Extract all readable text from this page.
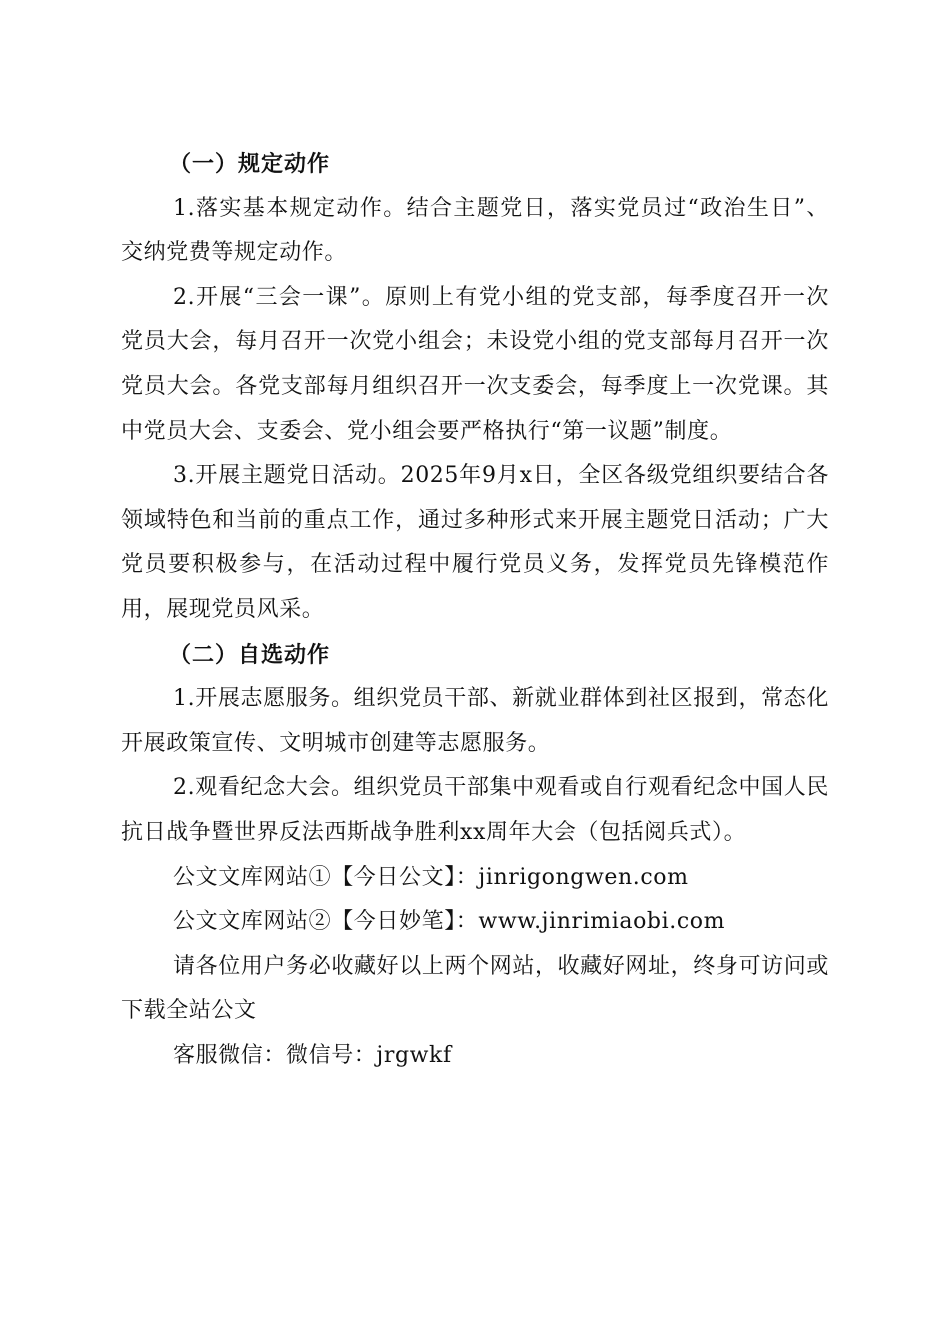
（一）规定动作

1.落实基本规定动作。结合主题党日，落实党员过“政治生日”、交纳党费等规定动作。

2.开展“三会一课”。原则上有党小组的党支部，每季度召开一次党员大会，每月召开一次党小组会；未设党小组的党支部每月召开一次党员大会。各党支部每月组织召开一次支委会，每季度上一次党课。其中党员大会、支委会、党小组会要严格执行“第一议题”制度。

3.开展主题党日活动。2025年9月x日，全区各级党组织要结合各领域特色和当前的重点工作，通过多种形式来开展主题党日活动；广大党员要积极参与，在活动过程中履行党员义务，发挥党员先锋模范作用，展现党员风采。

（二）自选动作

1.开展志愿服务。组织党员干部、新就业群体到社区报到，常态化开展政策宣传、文明城市创建等志愿服务。

2.观看纪念大会。组织党员干部集中观看或自行观看纪念中国人民抗日战争暨世界反法西斯战争胜利xx周年大会（包括阅兵式）。

公文文库网站①【今日公文】：jinrigongwen.com

公文文库网站②【今日妙笔】：www.jinrimiaobi.com

请各位用户务必收藏好以上两个网站，收藏好网址，终身可访问或下载全站公文

客服微信：微信号：jrgwkf
